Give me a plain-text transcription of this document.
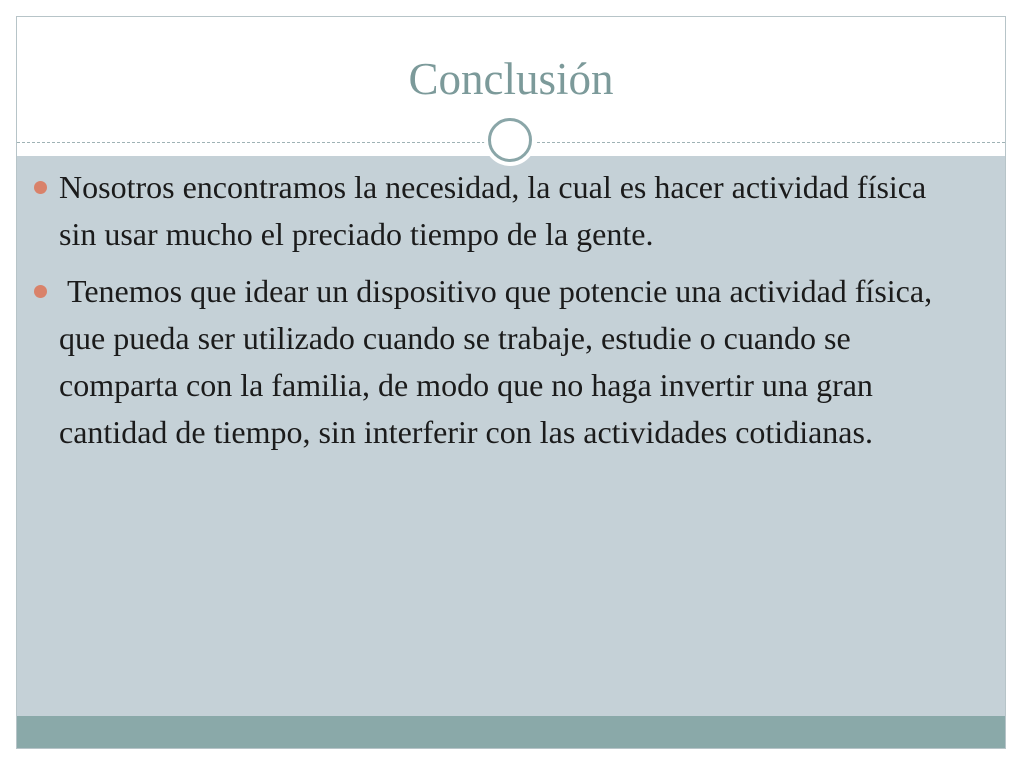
Conclusión
Nosotros encontramos la necesidad, la cual es hacer actividad física sin usar mucho el preciado tiempo de la gente.
Tenemos que idear un dispositivo que potencie una actividad física, que pueda ser utilizado cuando se trabaje, estudie o cuando se comparta con la familia, de modo que no haga invertir una gran cantidad de tiempo, sin interferir con las actividades cotidianas.
